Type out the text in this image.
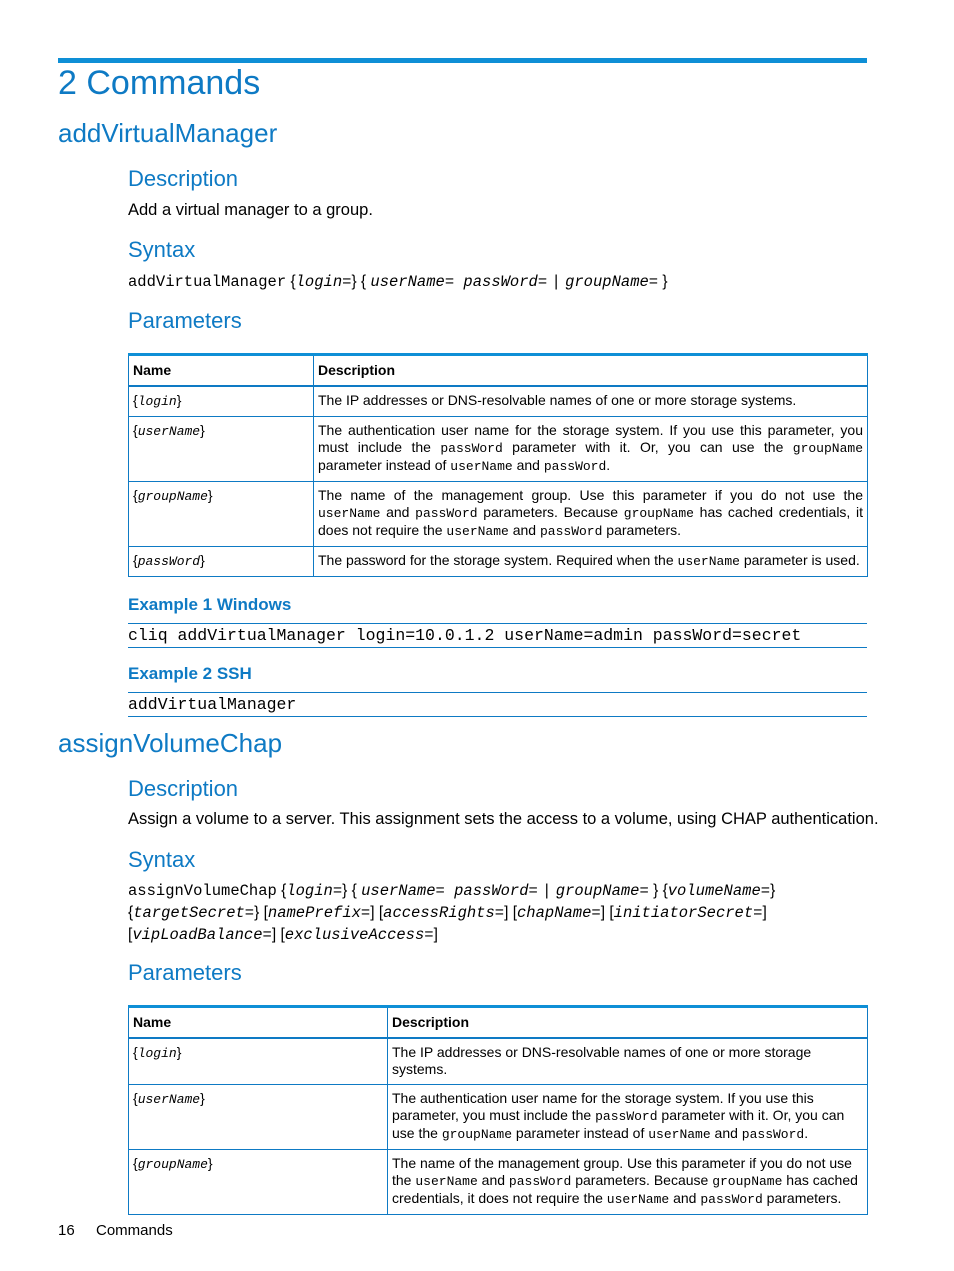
2 Commands
addVirtualManager
Description
Add a virtual manager to a group.
Syntax
addVirtualManager {login=} { userName= passWord= | groupName= }
Parameters
Name	Description
{login}	The IP addresses or DNS-resolvable names of one or more storage systems.
{userName}	The authentication user name for the storage system. If you use this parameter, you must include the passWord parameter with it. Or, you can use the groupName parameter instead of userName and passWord.
{groupName}	The name of the management group. Use this parameter if you do not use the userName and passWord parameters. Because groupName has cached credentials, it does not require the userName and passWord parameters.
{passWord}	The password for the storage system. Required when the userName parameter is used.
Example 1 Windows
cliq addVirtualManager login=10.0.1.2 userName=admin passWord=secret
Example 2 SSH
addVirtualManager
assignVolumeChap
Description
Assign a volume to a server. This assignment sets the access to a volume, using CHAP authentication.
Syntax
assignVolumeChap {login=} { userName= passWord= | groupName= } {volumeName=}
{targetSecret=} [namePrefix=] [accessRights=] [chapName=] [initiatorSecret=]
[vipLoadBalance=] [exclusiveAccess=]
Parameters
Name	Description
{login}	The IP addresses or DNS-resolvable names of one or more storage systems.
{userName}	The authentication user name for the storage system. If you use this parameter, you must include the passWord parameter with it. Or, you can use the groupName parameter instead of userName and passWord.
{groupName}	The name of the management group. Use this parameter if you do not use the userName and passWord parameters. Because groupName has cached credentials, it does not require the userName and passWord parameters.
16 Commands
